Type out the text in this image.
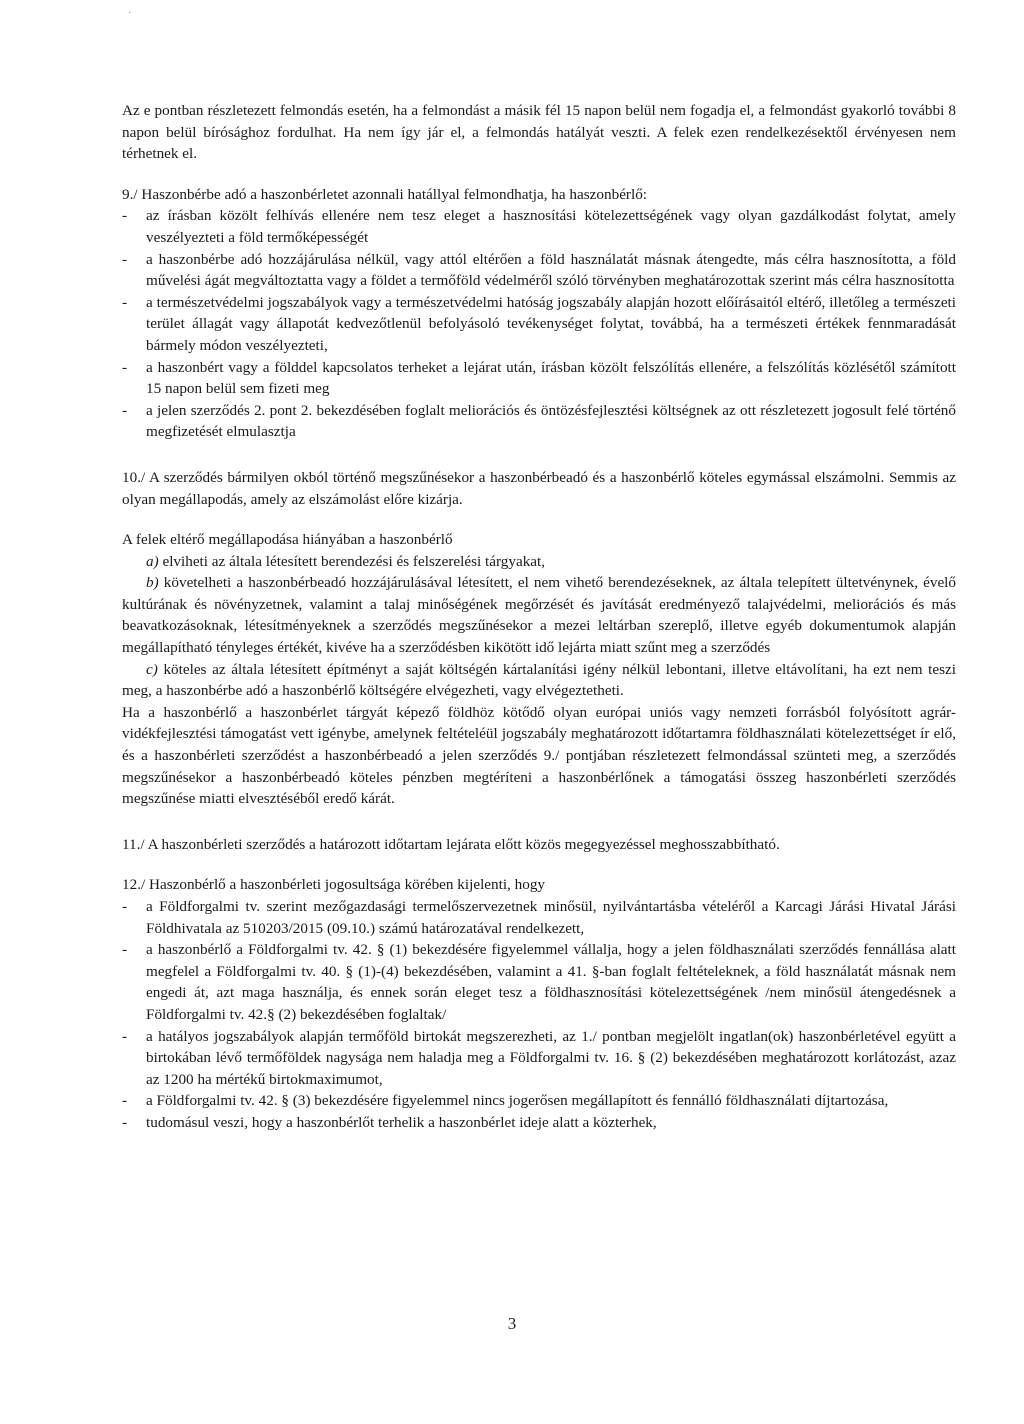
·

Az e pontban részletezett felmondás esetén, ha a felmondást a másik fél 15 napon belül nem fogadja el, a felmondást gyakorló további 8 napon belül bírósághoz fordulhat. Ha nem így jár el, a felmondás hatályát veszti. A felek ezen rendelkezésektől érvényesen nem térhetnek el.

9./ Haszonbérbe adó a haszonbérletet azonnali hatállyal felmondhatja, ha haszonbérlő:

- az írásban közölt felhívás ellenére nem tesz eleget a hasznosítási kötelezettségének vagy olyan gazdálkodást folytat, amely veszélyezteti a föld termőképességét
- a haszonbérbe adó hozzájárulása nélkül, vagy attól eltérően a föld használatát másnak átengedte, más célra hasznosította, a föld művelési ágát megváltoztatta vagy a földet a termőföld védelméről szóló törvényben meghatározottak szerint más célra hasznosította
- a természetvédelmi jogszabályok vagy a természetvédelmi hatóság jogszabály alapján hozott előírásaitól eltérő, illetőleg a természeti terület állagát vagy állapotát kedvezőtlenül befolyásoló tevékenységet folytat, továbbá, ha a természeti értékek fennmaradását bármely módon veszélyezteti,
- a haszonbért vagy a földdel kapcsolatos terheket a lejárat után, írásban közölt felszólítás ellenére, a felszólítás közlésétől számított 15 napon belül sem fizeti meg
- a jelen szerződés 2. pont 2. bekezdésében foglalt meliorációs és öntözésfejlesztési költségnek az ott részletezett jogosult felé történő megfizetését elmulasztja

10./ A szerződés bármilyen okból történő megszűnésekor a haszonbérbeadó és a haszonbérlő köteles egymással elszámolni. Semmis az olyan megállapodás, amely az elszámolást előre kizárja.

A felek eltérő megállapodása hiányában a haszonbérlő

a) elviheti az általa létesített berendezési és felszerelési tárgyakat,

b) követelheti a haszonbérbeadó hozzájárulásával létesített, el nem vihető berendezéseknek, az általa telepített ültetvénynek, évelő kultúrának és növényzetnek, valamint a talaj minőségének megőrzését és javítását eredményező talajvédelmi, meliorációs és más beavatkozásoknak, létesítményeknek a szerződés megszűnésekor a mezei leltárban szereplő, illetve egyéb dokumentumok alapján megállapítható tényleges értékét, kivéve ha a szerződésben kikötött idő lejárta miatt szűnt meg a szerződés

c) köteles az általa létesített építményt a saját költségén kártalanítási igény nélkül lebontani, illetve eltávolítani, ha ezt nem teszi meg, a haszonbérbe adó a haszonbérlő költségére elvégezheti, vagy elvégeztetheti.

Ha a haszonbérlő a haszonbérlet tárgyát képező földhöz kötődő olyan európai uniós vagy nemzeti forrásból folyósított agrár-vidékfejlesztési támogatást vett igénybe, amelynek feltételéül jogszabály meghatározott időtartamra földhasználati kötelezettséget ír elő, és a haszonbérleti szerződést a haszonbérbeadó a jelen szerződés 9./ pontjában részletezett felmondással szünteti meg, a szerződés megszűnésekor a haszonbérbeadó köteles pénzben megtéríteni a haszonbérlőnek a támogatási összeg haszonbérleti szerződés megszűnése miatti elvesztéséből eredő kárát.

11./ A haszonbérleti szerződés a határozott időtartam lejárata előtt közös megegyezéssel meghosszabbítható.

12./ Haszonbérlő a haszonbérleti jogosultsága körében kijelenti, hogy

- a Földforgalmi tv. szerint mezőgazdasági termelőszervezetnek minősül, nyilvántartásba vételéről a Karcagi Járási Hivatal Járási Földhivatala az 510203/2015 (09.10.) számú határozatával rendelkezett,
- a haszonbérlő a Földforgalmi tv. 42. § (1) bekezdésére figyelemmel vállalja, hogy a jelen földhasználati szerződés fennállása alatt megfelel a Földforgalmi tv. 40. § (1)-(4) bekezdésében, valamint a 41. §-ban foglalt feltételeknek, a föld használatát másnak nem engedi át, azt maga használja, és ennek során eleget tesz a földhasznosítási kötelezettségének /nem minősül átengedésnek a Földforgalmi tv. 42.§ (2) bekezdésében foglaltak/
- a hatályos jogszabályok alapján termőföld birtokát megszerezheti, az 1./ pontban megjelölt ingatlan(ok) haszonbérletével együtt a birtokában lévő termőföldek nagysága nem haladja meg a Földforgalmi tv. 16. § (2) bekezdésében meghatározott korlátozást, azaz az 1200 ha mértékű birtokmaximumot,
- a Földforgalmi tv. 42. § (3) bekezdésére figyelemmel nincs jogerősen megállapított és fennálló földhasználati díjtartozása,
- tudomásul veszi, hogy a haszonbérlőt terhelik a haszonbérlet ideje alatt a közterhek,
3
